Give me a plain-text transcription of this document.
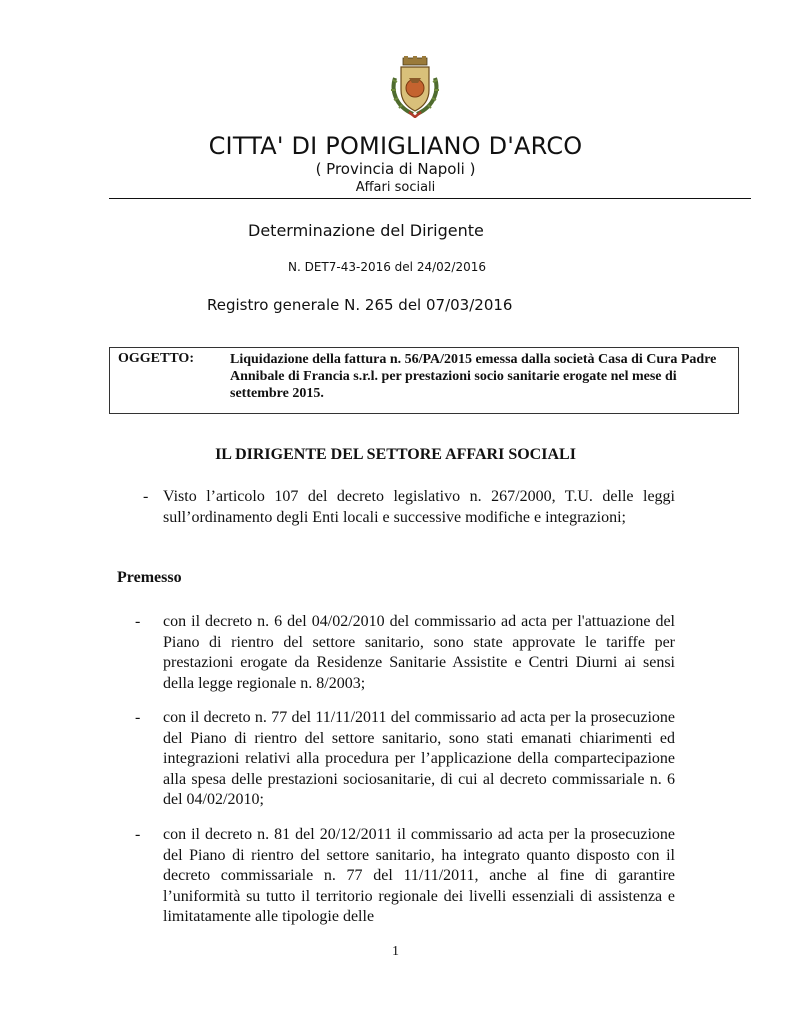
CITTA' DI POMIGLIANO D'ARCO
( Provincia di Napoli )
Affari sociali
Determinazione del Dirigente
N. DET7-43-2016 del 24/02/2016
Registro generale N. 265 del 07/03/2016
OGGETTO:	Liquidazione della fattura n. 56/PA/2015 emessa dalla società Casa di Cura Padre Annibale di Francia s.r.l. per prestazioni socio sanitarie erogate nel mese di settembre 2015.
IL DIRIGENTE DEL SETTORE AFFARI SOCIALI
- Visto l’articolo 107 del decreto legislativo n. 267/2000, T.U. delle leggi sull’ordinamento degli Enti locali e successive modifiche e integrazioni;
Premesso
- con il decreto n. 6 del 04/02/2010 del commissario ad acta per l'attuazione del Piano di rientro del settore sanitario, sono state approvate le tariffe per prestazioni erogate da Residenze Sanitarie Assistite e Centri Diurni ai sensi della legge regionale n. 8/2003;
- con il decreto n. 77 del 11/11/2011 del commissario ad acta per la prosecuzione del Piano di rientro del settore sanitario, sono stati emanati chiarimenti ed integrazioni relativi alla procedura per l’applicazione della compartecipazione alla spesa delle prestazioni sociosanitarie, di cui al decreto commissariale n. 6 del 04/02/2010;
- con il decreto n. 81 del 20/12/2011 il commissario ad acta per la prosecuzione del Piano di rientro del settore sanitario, ha integrato quanto disposto con il decreto commissariale n. 77 del 11/11/2011, anche al fine di garantire l’uniformità su tutto il territorio regionale dei livelli essenziali di assistenza e limitatamente alle tipologie delle
1
